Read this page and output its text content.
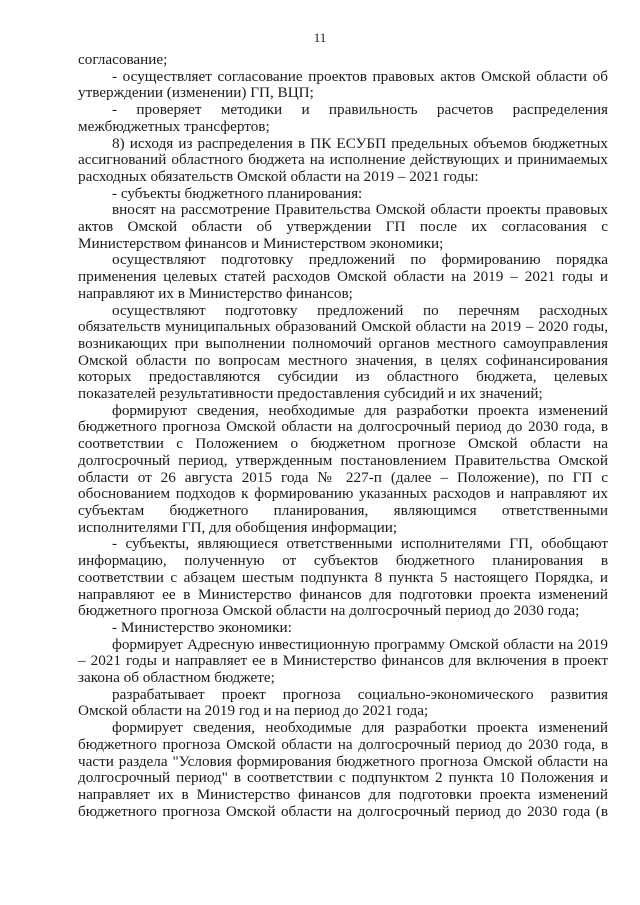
11

согласование;

- осуществляет согласование проектов правовых актов Омской области об утверждении (изменении) ГП, ВЦП;

- проверяет методики и правильность расчетов распределения межбюджетных трансфертов;

8) исходя из распределения в ПК ЕСУБП предельных объемов бюджетных ассигнований областного бюджета на исполнение действующих и принимаемых расходных обязательств Омской области на 2019 – 2021 годы:

- субъекты бюджетного планирования:

вносят на рассмотрение Правительства Омской области проекты правовых актов Омской области об утверждении ГП после их согласования с Министерством финансов и Министерством экономики;

осуществляют подготовку предложений по формированию порядка применения целевых статей расходов Омской области на 2019 – 2021 годы и направляют их в Министерство финансов;

осуществляют подготовку предложений по перечням расходных обязательств муниципальных образований Омской области на 2019 – 2020 годы, возникающих при выполнении полномочий органов местного самоуправления Омской области по вопросам местного значения, в целях софинансирования которых предоставляются субсидии из областного бюджета, целевых показателей результативности предоставления субсидий и их значений;

формируют сведения, необходимые для разработки проекта изменений бюджетного прогноза Омской области на долгосрочный период до 2030 года, в соответствии с Положением о бюджетном прогнозе Омской области на долгосрочный период, утвержденным постановлением Правительства Омской области от 26 августа 2015 года № 227-п (далее – Положение), по ГП с обоснованием подходов к формированию указанных расходов и направляют их субъектам бюджетного планирования, являющимся ответственными исполнителями ГП, для обобщения информации;

- субъекты, являющиеся ответственными исполнителями ГП, обобщают информацию, полученную от субъектов бюджетного планирования в соответствии с абзацем шестым подпункта 8 пункта 5 настоящего Порядка, и направляют ее в Министерство финансов для подготовки проекта изменений бюджетного прогноза Омской области на долгосрочный период до 2030 года;

- Министерство экономики:

формирует Адресную инвестиционную программу Омской области на 2019 – 2021 годы и направляет ее в Министерство финансов для включения в проект закона об областном бюджете;

разрабатывает проект прогноза социально-экономического развития Омской области на 2019 год и на период до 2021 года;

формирует сведения, необходимые для разработки проекта изменений бюджетного прогноза Омской области на долгосрочный период до 2030 года, в части раздела "Условия формирования бюджетного прогноза Омской области на долгосрочный период" в соответствии с подпунктом 2 пункта 10 Положения и направляет их в Министерство финансов для подготовки проекта изменений бюджетного прогноза Омской области на долгосрочный период до 2030 года (в
